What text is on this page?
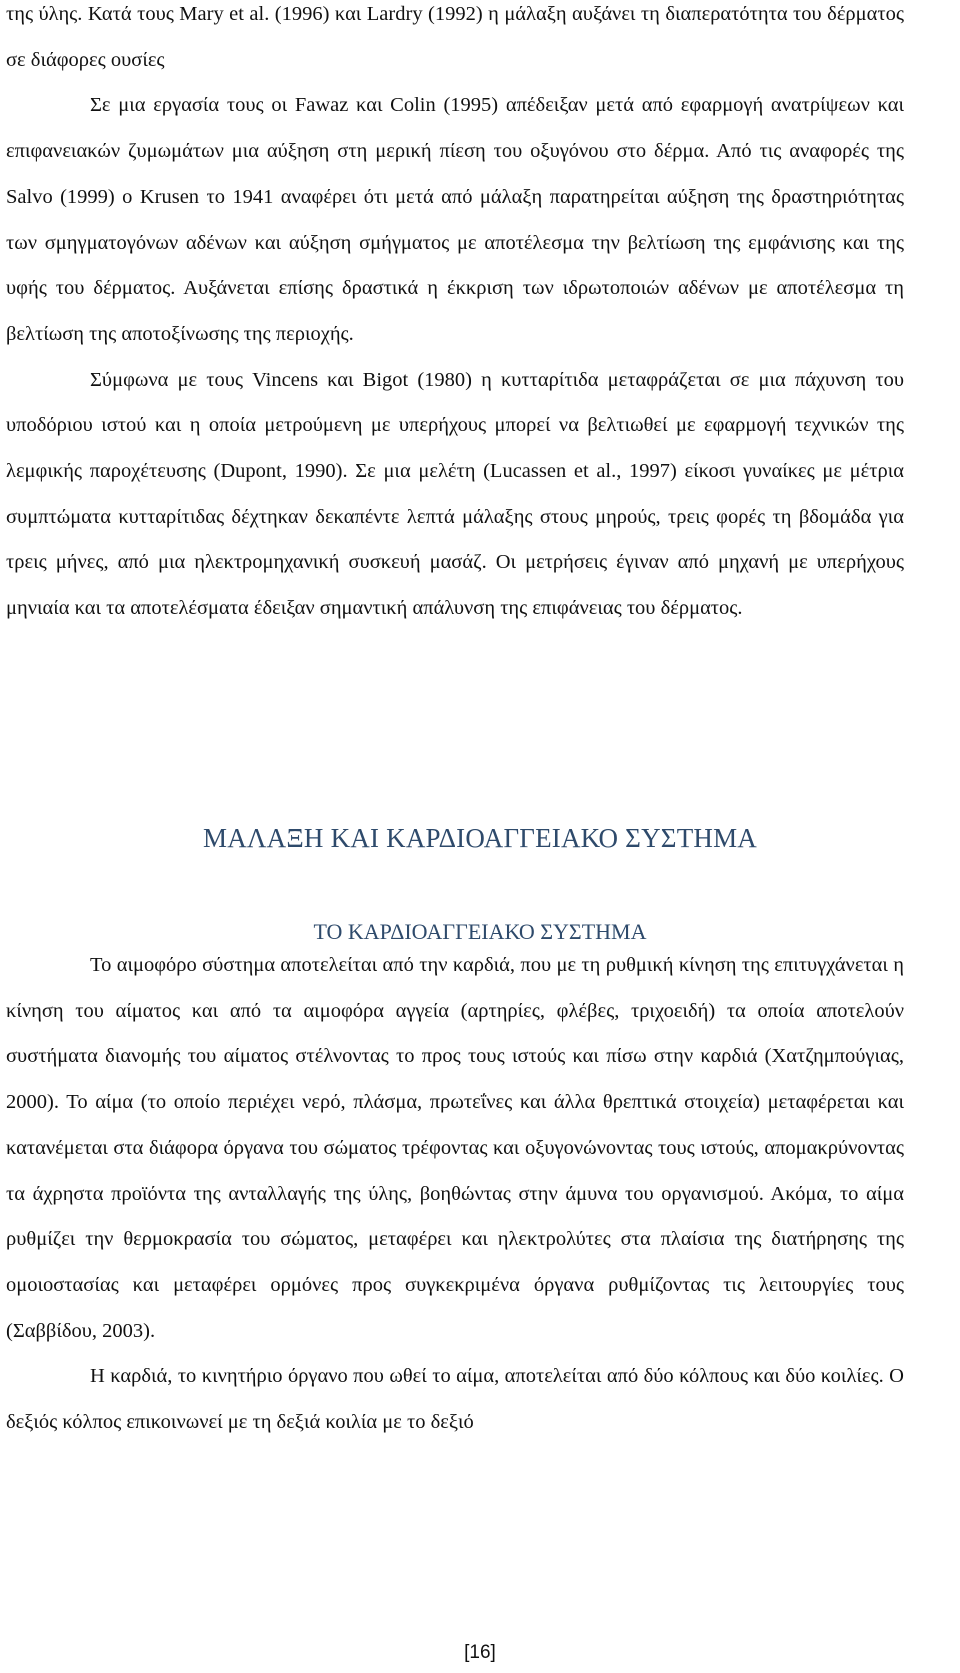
της ύλης. Κατά τους Mary et al. (1996) και Lardry (1992) η μάλαξη αυξάνει τη διαπερατότητα του δέρματος σε διάφορες ουσίες

Σε μια εργασία τους οι Fawaz και Colin (1995) απέδειξαν μετά από εφαρμογή ανατρίψεων και επιφανειακών ζυμωμάτων μια αύξηση στη μερική πίεση του οξυγόνου στο δέρμα. Από τις αναφορές της Salvo (1999) ο Krusen το 1941 αναφέρει ότι μετά από μάλαξη παρατηρείται αύξηση της δραστηριότητας των σμηγματογόνων αδένων και αύξηση σμήγματος με αποτέλεσμα την βελτίωση της εμφάνισης και της υφής του δέρματος. Αυξάνεται επίσης δραστικά η έκκριση των ιδρωτοποιών αδένων με αποτέλεσμα τη βελτίωση της αποτοξίνωσης της περιοχής.

Σύμφωνα με τους Vincens και Bigot (1980) η κυτταρίτιδα μεταφράζεται σε μια πάχυνση του υποδόριου ιστού και η οποία μετρούμενη με υπερήχους μπορεί να βελτιωθεί με εφαρμογή τεχνικών της λεμφικής παροχέτευσης (Dupont, 1990). Σε μια μελέτη (Lucassen et al., 1997) είκοσι γυναίκες με μέτρια συμπτώματα κυτταρίτιδας δέχτηκαν δεκαπέντε λεπτά μάλαξης στους μηρούς, τρεις φορές τη βδομάδα για τρεις μήνες, από μια ηλεκτρομηχανική συσκευή μασάζ. Οι μετρήσεις έγιναν από μηχανή με υπερήχους μηνιαία και τα αποτελέσματα έδειξαν σημαντική απάλυνση της επιφάνειας του δέρματος.

ΜΑΛΑΞΗ ΚΑΙ ΚΑΡΔΙΟΑΓΓΕΙΑΚΟ ΣΥΣΤΗΜΑ
ΤΟ ΚΑΡΔΙΟΑΓΓΕΙΑΚΟ ΣΥΣΤΗΜΑ

Το αιμοφόρο σύστημα αποτελείται από την καρδιά, που με τη ρυθμική κίνηση της επιτυγχάνεται η κίνηση του αίματος και από τα αιμοφόρα αγγεία (αρτηρίες, φλέβες, τριχοειδή) τα οποία αποτελούν συστήματα διανομής του αίματος στέλνοντας το προς τους ιστούς και πίσω στην καρδιά (Χατζημπούγιας, 2000). Το αίμα (το οποίο περιέχει νερό, πλάσμα, πρωτεΐνες και άλλα θρεπτικά στοιχεία) μεταφέρεται και κατανέμεται στα διάφορα όργανα του σώματος τρέφοντας και οξυγονώνοντας τους ιστούς, απομακρύνοντας τα άχρηστα προϊόντα της ανταλλαγής της ύλης, βοηθώντας στην άμυνα του οργανισμού. Ακόμα, το αίμα ρυθμίζει την θερμοκρασία του σώματος, μεταφέρει και ηλεκτρολύτες στα πλαίσια της διατήρησης της ομοιοστασίας και μεταφέρει ορμόνες προς συγκεκριμένα όργανα ρυθμίζοντας τις λειτουργίες τους (Σαββίδου, 2003).

Η καρδιά, το κινητήριο όργανο που ωθεί το αίμα, αποτελείται από δύο κόλπους και δύο κοιλίες. Ο δεξιός κόλπος επικοινωνεί με τη δεξιά κοιλία με το δεξιό

[16]
